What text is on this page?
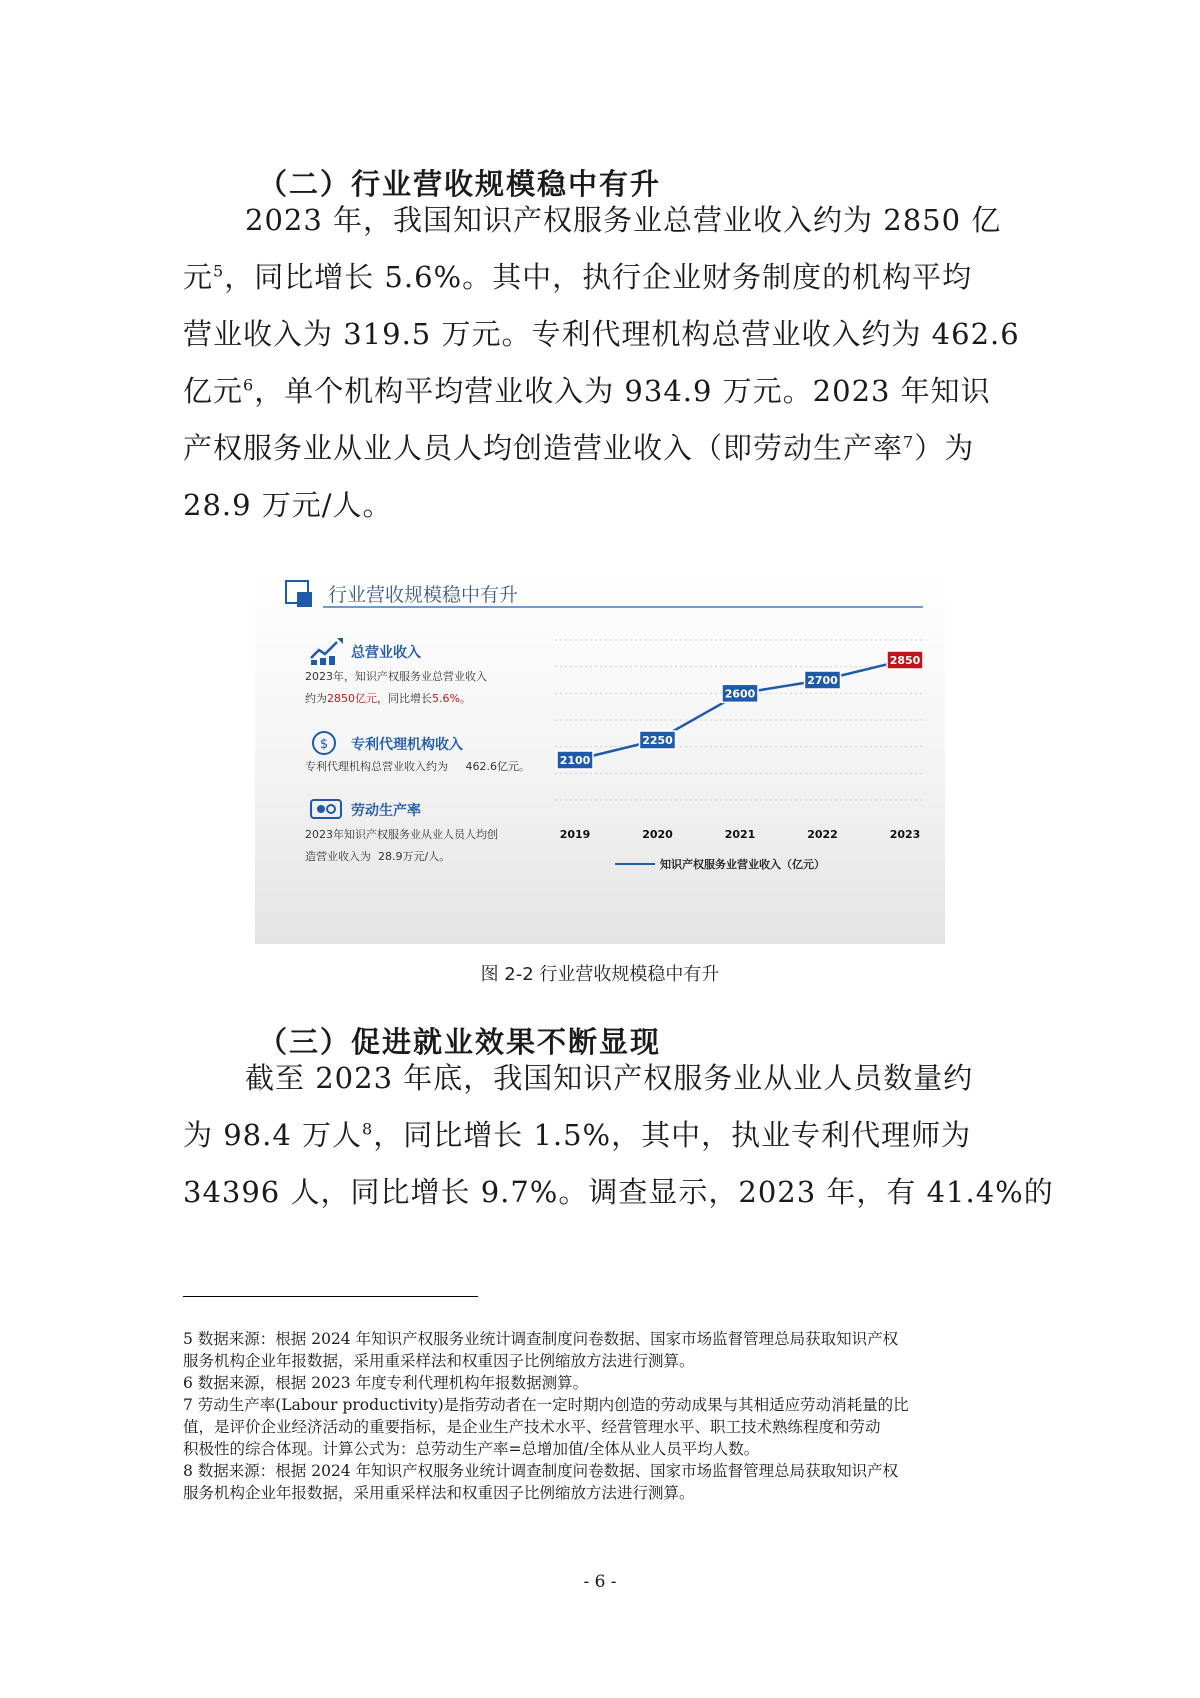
（二）行业营收规模稳中有升
2023 年，我国知识产权服务业总营业收入约为 2850 亿
元$^5$，同比增长 5.6%。其中，执行企业财务制度的机构平均
营业收入为 319.5 万元。专利代理机构总营业收入约为 462.6
亿元$^6$，单个机构平均营业收入为 934.9 万元。2023 年知识
产权服务业从业人员人均创造营业收入（即劳动生产率$^7$）为
28.9 万元/人。
行业营收规模稳中有升
总营业收入
2023年，知识产权服务业总营业收入
约为2850亿元，同比增长5.6%。
$ 专利代理机构收入
专利代理机构总营业收入约为 462.6亿元。
劳动生产率
2023年知识产权服务业从业人员人均创
造营业收入为 28.9万元/人。
2100
2250
2600
2700
2850
2019	2020	2021	2022	2023
知识产权服务业营业收入（亿元）
图 2-2 行业营收规模稳中有升
（三）促进就业效果不断显现
截至 2023 年底，我国知识产权服务业从业人员数量约
为 98.4 万人$^8$，同比增长 1.5%，其中，执业专利代理师为
34396 人，同比增长 9.7%。调查显示，2023 年，有 41.4%的
5 数据来源：根据 2024 年知识产权服务业统计调查制度问卷数据、国家市场监督管理总局获取知识产权
服务机构企业年报数据，采用重采样法和权重因子比例缩放方法进行测算。
6 数据来源，根据 2023 年度专利代理机构年报数据测算。
7 劳动生产率(Labour productivity)是指劳动者在一定时期内创造的劳动成果与其相适应劳动消耗量的比
值，是评价企业经济活动的重要指标，是企业生产技术水平、经营管理水平、职工技术熟练程度和劳动
积极性的综合体现。计算公式为：总劳动生产率=总增加值/全体从业人员平均人数。
8 数据来源：根据 2024 年知识产权服务业统计调查制度问卷数据、国家市场监督管理总局获取知识产权
服务机构企业年报数据，采用重采样法和权重因子比例缩放方法进行测算。
- 6 -
